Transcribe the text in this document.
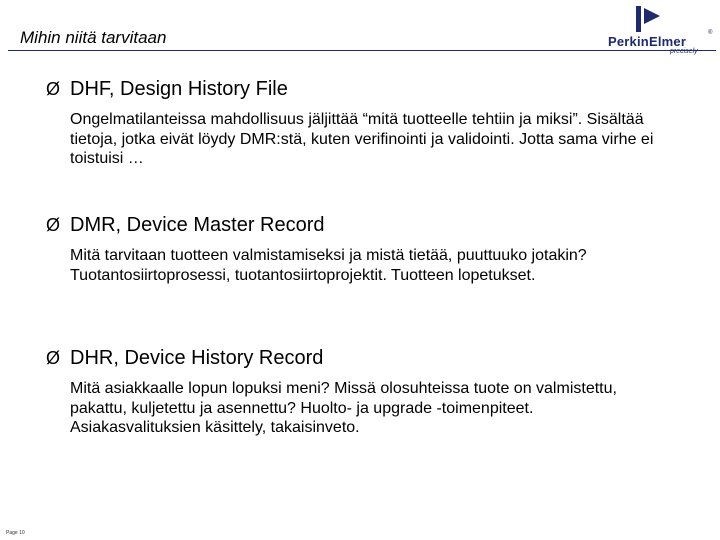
Mihin niitä tarvitaan	PerkinElmer
®
precisely
Ø DHF, Design History File
Ongelmatilanteissa mahdollisuus jäljittää “mitä tuotteelle tehtiin ja miksi”. Sisältää tietoja, jotka eivät löydy DMR:stä, kuten verifinointi ja validointi. Jotta sama virhe ei toistuisi …
Ø DMR, Device Master Record
Mitä tarvitaan tuotteen valmistamiseksi ja mistä tietää, puuttuuko jotakin? Tuotantosiirtoprosessi, tuotantosiirtoprojektit. Tuotteen lopetukset.
Ø DHR, Device History Record
Mitä asiakkaalle lopun lopuksi meni? Missä olosuhteissa tuote on valmistettu, pakattu, kuljetettu ja asennettu? Huolto- ja upgrade -toimenpiteet. Asiakasvalituksien käsittely, takaisinveto.
Page 10
